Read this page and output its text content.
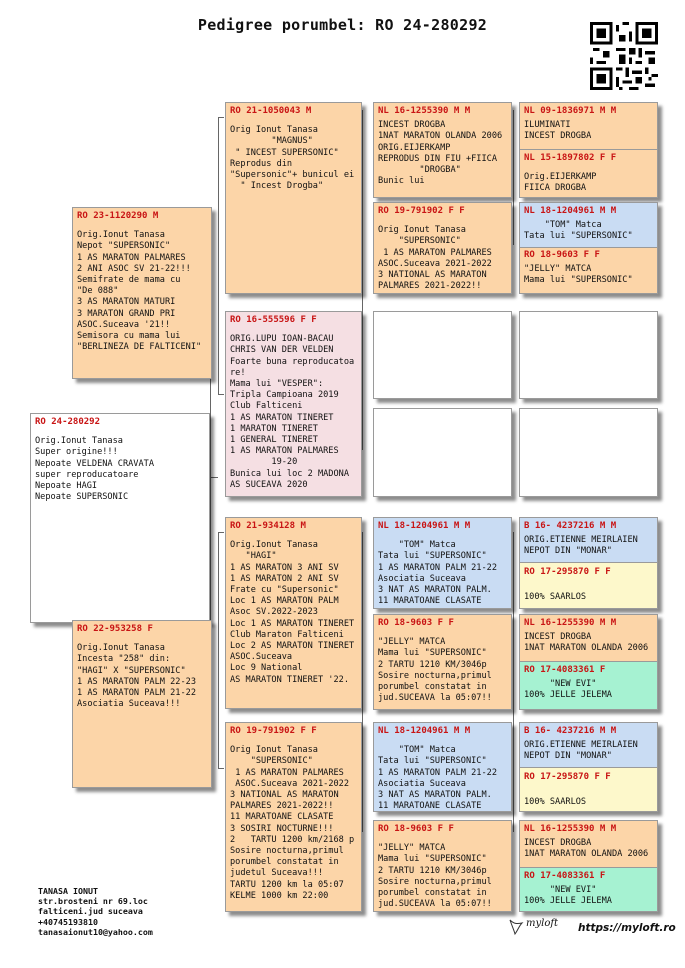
Pedigree porumbel: RO 24-280292
RO 24-280292
Orig.Ionut Tanasa
Super origine!!!
Nepoate VELDENA CRAVATA
super reproducatoare
Nepoate HAGI
Nepoate SUPERSONIC
RO 23-1120290 M
Orig.Ionut Tanasa
Nepot "SUPERSONIC"
1 AS MARATON PALMARES
2 ANI ASOC SV 21-22!!!
Semifrate de mama cu
"De 088"
3 AS MARATON MATURI
3 MARATON GRAND PRI
ASOC.Suceava '21!!
Semisora cu mama lui
"BERLINEZA DE FALTICENI"
RO 22-953258 F
Orig.Ionut Tanasa
Incesta "258" din:
"HAGI" X "SUPERSONIC"
1 AS MARATON PALM 22-23
1 AS MARATON PALM 21-22
Asociatia Suceava!!!
RO 21-1050043 M
Orig Ionut Tanasa
"MAGNUS"
" INCEST SUPERSONIC"
Reprodus din
"Supersonic"+ bunicul ei
" Incest Drogba"
RO 16-555596 F F
ORIG.LUPU IOAN-BACAU
CHRIS VAN DER VELDEN
Foarte buna reproducatoa
re!
Mama lui "VESPER":
Tripla Campioana 2019
Club Falticeni
1 AS MARATON TINERET
1 MARATON TINERET
1 GENERAL TINERET
1 AS MARATON PALMARES
19-20
Bunica lui loc 2 MADONA
AS SUCEAVA 2020
RO 21-934128 M
Orig.Ionut Tanasa
"HAGI"
1 AS MARATON 3 ANI SV
1 AS MARATON 2 ANI SV
Frate cu "Supersonic"
Loc 1 AS MARATON PALM
Asoc SV.2022-2023
Loc 1 AS MARATON TINERET
Club Maraton Falticeni
Loc 2 AS MARATON TINERET
ASOC.Suceava
Loc 9 National
AS MARATON TINERET '22.
RO 19-791902 F F
Orig Ionut Tanasa
"SUPERSONIC"
1 AS MARATON PALMARES
ASOC.Suceava 2021-2022
3 NATIONAL AS MARATON
PALMARES 2021-2022!!
11 MARATOANE CLASATE
3 SOSIRI NOCTURNE!!!
2   TARTU 1200 km/2168 p
Sosire nocturna,primul
porumbel constatat in
judetul Suceava!!!
TARTU 1200 km la 05:07
KELME 1000 km 22:00
NL 16-1255390 M M
INCEST DROGBA
1NAT MARATON OLANDA 2006
ORIG.EIJERKAMP
REPRODUS DIN FIU +FIICA
"DROGBA"
Bunic lui
RO 19-791902 F F
Orig Ionut Tanasa
"SUPERSONIC"
1 AS MARATON PALMARES
ASOC.Suceava 2021-2022
3 NATIONAL AS MARATON
PALMARES 2021-2022!!
NL 18-1204961 M M
"TOM" Matca
Tata lui "SUPERSONIC"
1 AS MARATON PALM 21-22
Asociatia Suceava
3 NAT AS MARATON PALM.
11 MARATOANE CLASATE
RO 18-9603 F F
"JELLY" MATCA
Mama lui "SUPERSONIC"
2 TARTU 1210 KM/3046p
Sosire nocturna,primul
porumbel constatat in
jud.SUCEAVA la 05:07!!
NL 18-1204961 M M
"TOM" Matca
Tata lui "SUPERSONIC"
1 AS MARATON PALM 21-22
Asociatia Suceava
3 NAT AS MARATON PALM.
11 MARATOANE CLASATE
RO 18-9603 F F
"JELLY" MATCA
Mama lui "SUPERSONIC"
2 TARTU 1210 KM/3046p
Sosire nocturna,primul
porumbel constatat in
jud.SUCEAVA la 05:07!!
NL 09-1836971 M M
ILUMINATI
INCEST DROGBA
NL 15-1897802 F F
Orig.EIJERKAMP
FIICA DROGBA
NL 18-1204961 M M
"TOM" Matca
Tata lui "SUPERSONIC"
RO 18-9603 F F
"JELLY" MATCA
Mama lui "SUPERSONIC"
B 16- 4237216 M M
ORIG.ETIENNE MEIRLAIEN
NEPOT DIN "MONAR"
RO 17-295870 F F
100% SAARLOS
NL 16-1255390 M M
INCEST DROGBA
1NAT MARATON OLANDA 2006
RO 17-4083361 F
"NEW EVI"
100% JELLE JELEMA
B 16- 4237216 M M
ORIG.ETIENNE MEIRLAIEN
NEPOT DIN "MONAR"
RO 17-295870 F F
100% SAARLOS
NL 16-1255390 M M
INCEST DROGBA
1NAT MARATON OLANDA 2006
RO 17-4083361 F
"NEW EVI"
100% JELLE JELEMA
TANASA IONUT
str.brosteni nr 69.loc
falticeni.jud suceava
+40745193810
tanasaionut10@yahoo.com
myloft https://myloft.ro
